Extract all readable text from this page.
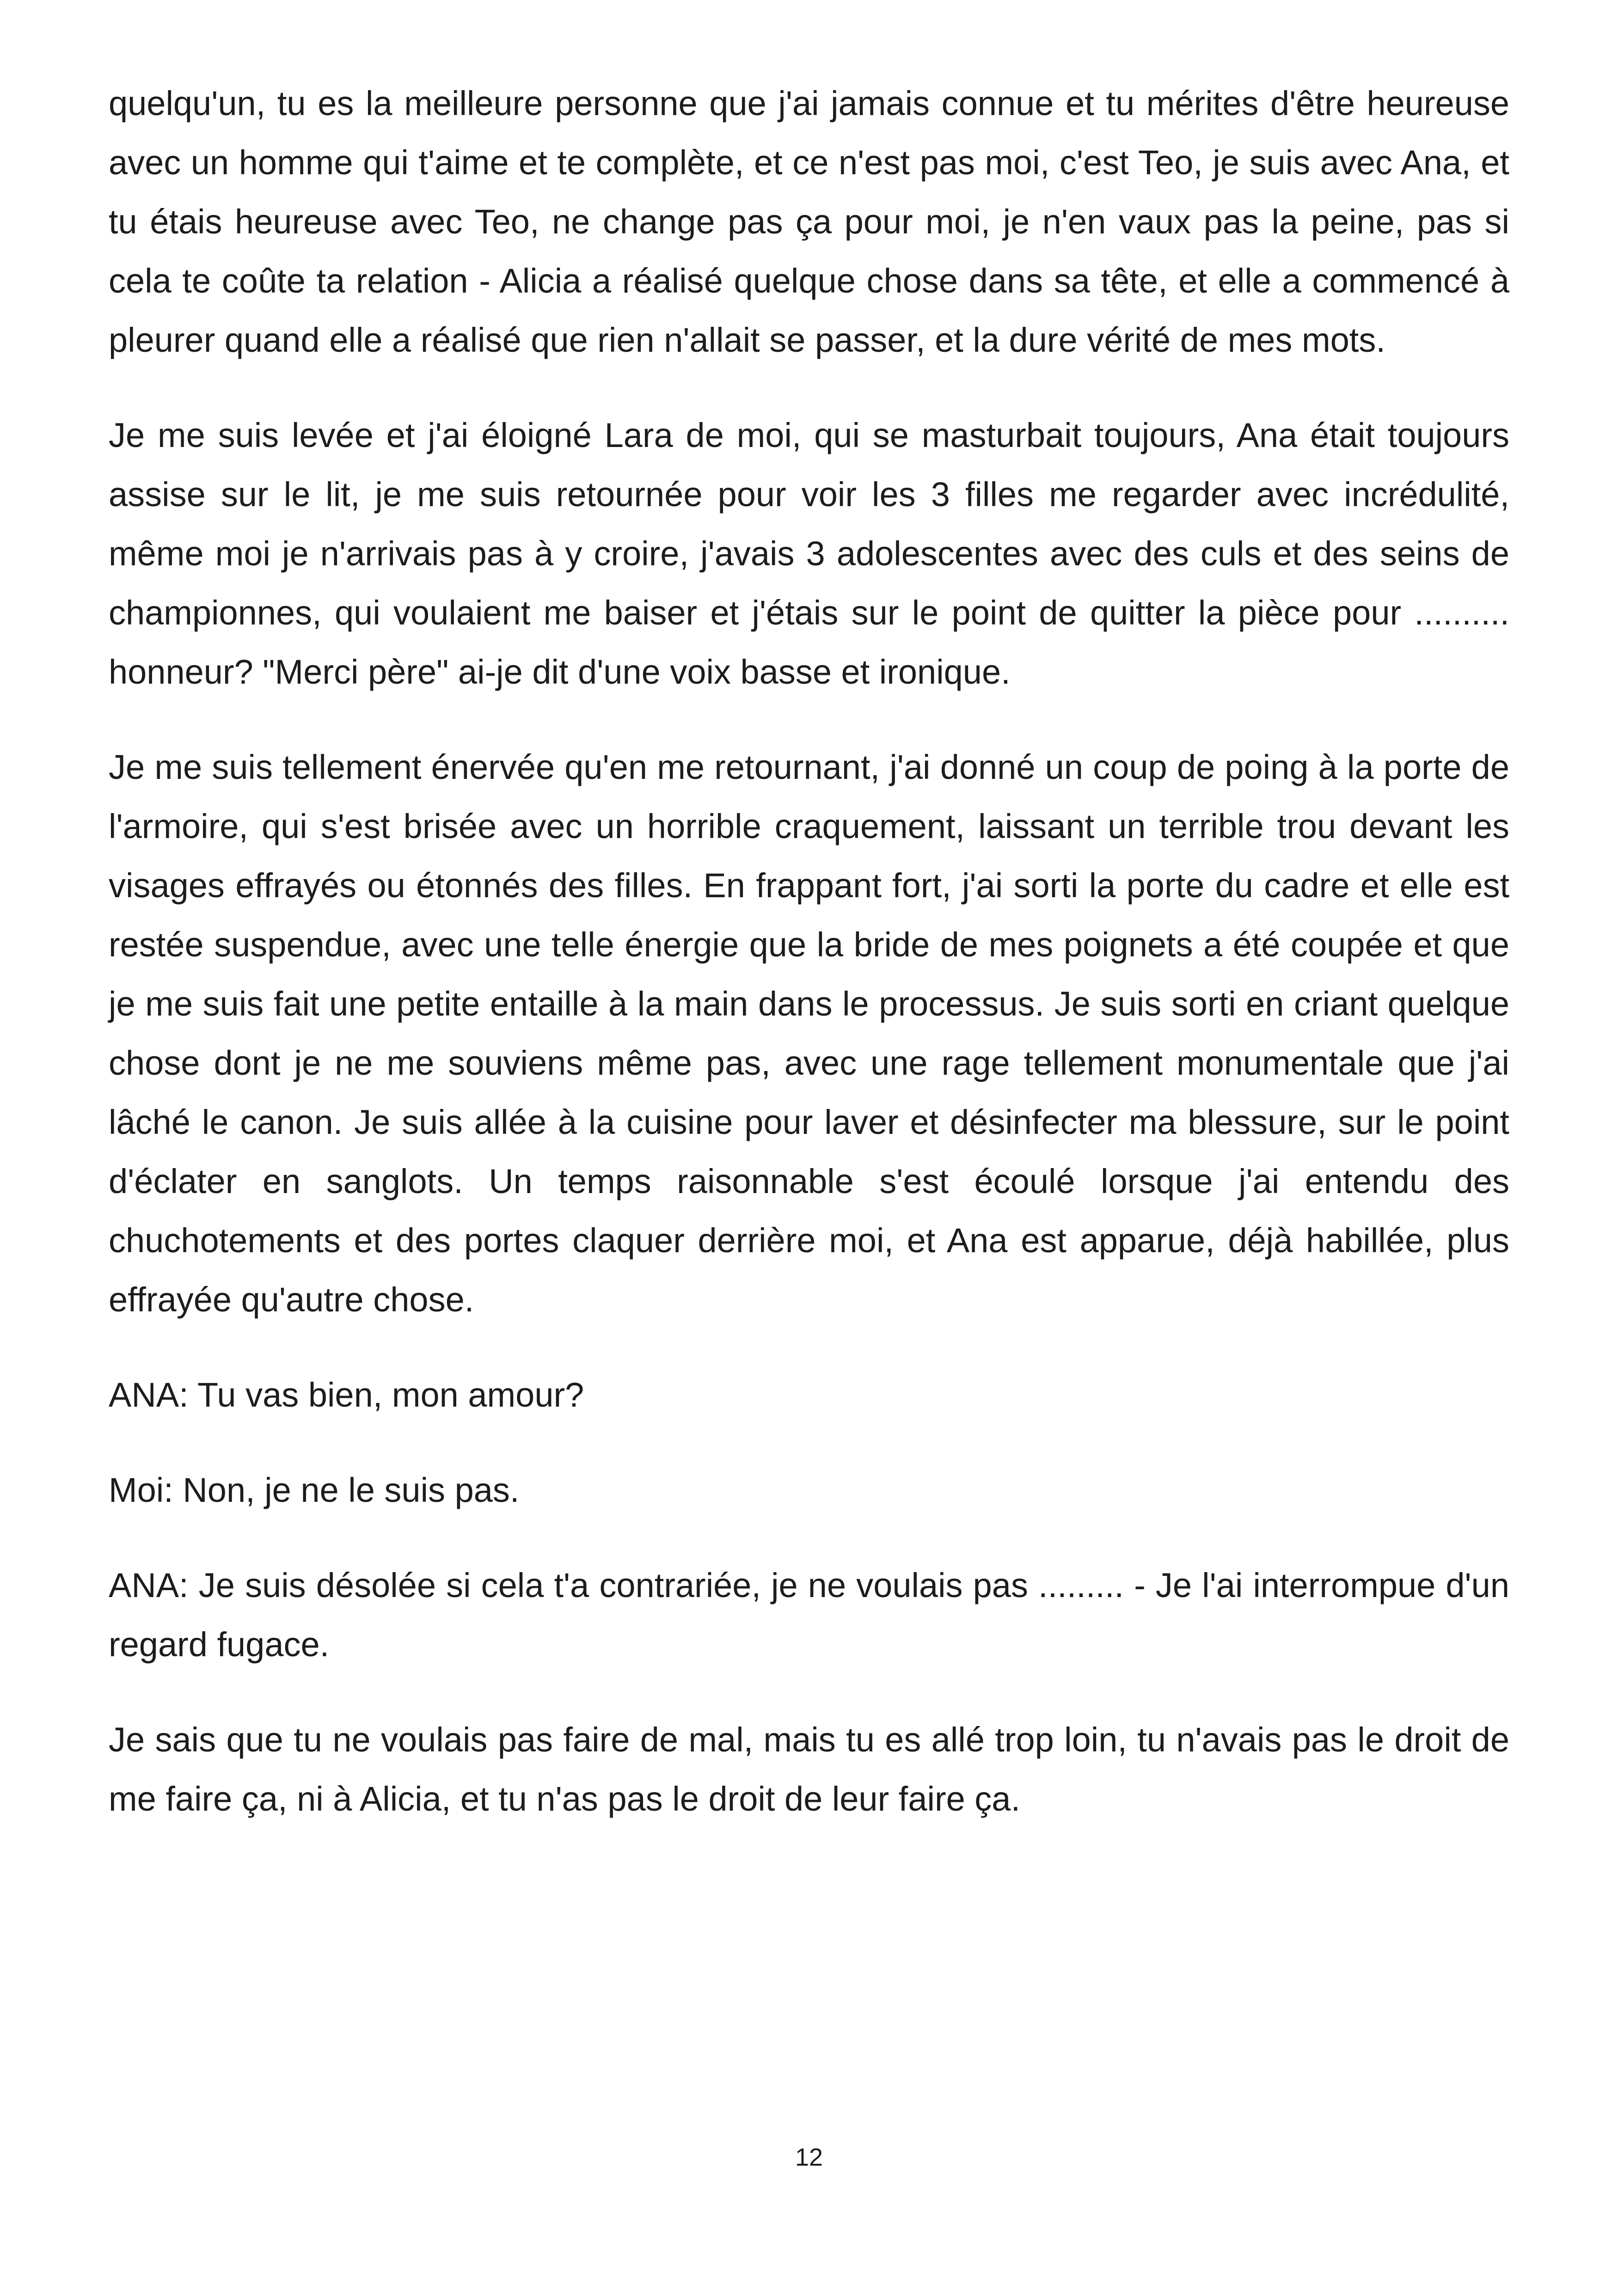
quelqu'un, tu es la meilleure personne que j'ai jamais connue et tu mérites d'être heureuse avec un homme qui t'aime et te complète, et ce n'est pas moi, c'est Teo, je suis avec Ana, et tu étais heureuse avec Teo, ne change pas ça pour moi, je n'en vaux pas la peine, pas si cela te coûte ta relation - Alicia a réalisé quelque chose dans sa tête, et elle a commencé à pleurer quand elle a réalisé que rien n'allait se passer, et la dure vérité de mes mots.

Je me suis levée et j'ai éloigné Lara de moi, qui se masturbait toujours, Ana était toujours assise sur le lit, je me suis retournée pour voir les 3 filles me regarder avec incrédulité, même moi je n'arrivais pas à y croire, j'avais 3 adolescentes avec des culs et des seins de championnes, qui voulaient me baiser et j'étais sur le point de quitter la pièce pour .......... honneur? "Merci père" ai-je dit d'une voix basse et ironique.

Je me suis tellement énervée qu'en me retournant, j'ai donné un coup de poing à la porte de l'armoire, qui s'est brisée avec un horrible craquement, laissant un terrible trou devant les visages effrayés ou étonnés des filles. En frappant fort, j'ai sorti la porte du cadre et elle est restée suspendue, avec une telle énergie que la bride de mes poignets a été coupée et que je me suis fait une petite entaille à la main dans le processus. Je suis sorti en criant quelque chose dont je ne me souviens même pas, avec une rage tellement monumentale que j'ai lâché le canon. Je suis allée à la cuisine pour laver et désinfecter ma blessure, sur le point d'éclater en sanglots. Un temps raisonnable s'est écoulé lorsque j'ai entendu des chuchotements et des portes claquer derrière moi, et Ana est apparue, déjà habillée, plus effrayée qu'autre chose.

ANA: Tu vas bien, mon amour?

Moi: Non, je ne le suis pas.

ANA: Je suis désolée si cela t'a contrariée, je ne voulais pas ......... - Je l'ai interrompue d'un regard fugace.

Je sais que tu ne voulais pas faire de mal, mais tu es allé trop loin, tu n'avais pas le droit de me faire ça, ni à Alicia, et tu n'as pas le droit de leur faire ça.

12
